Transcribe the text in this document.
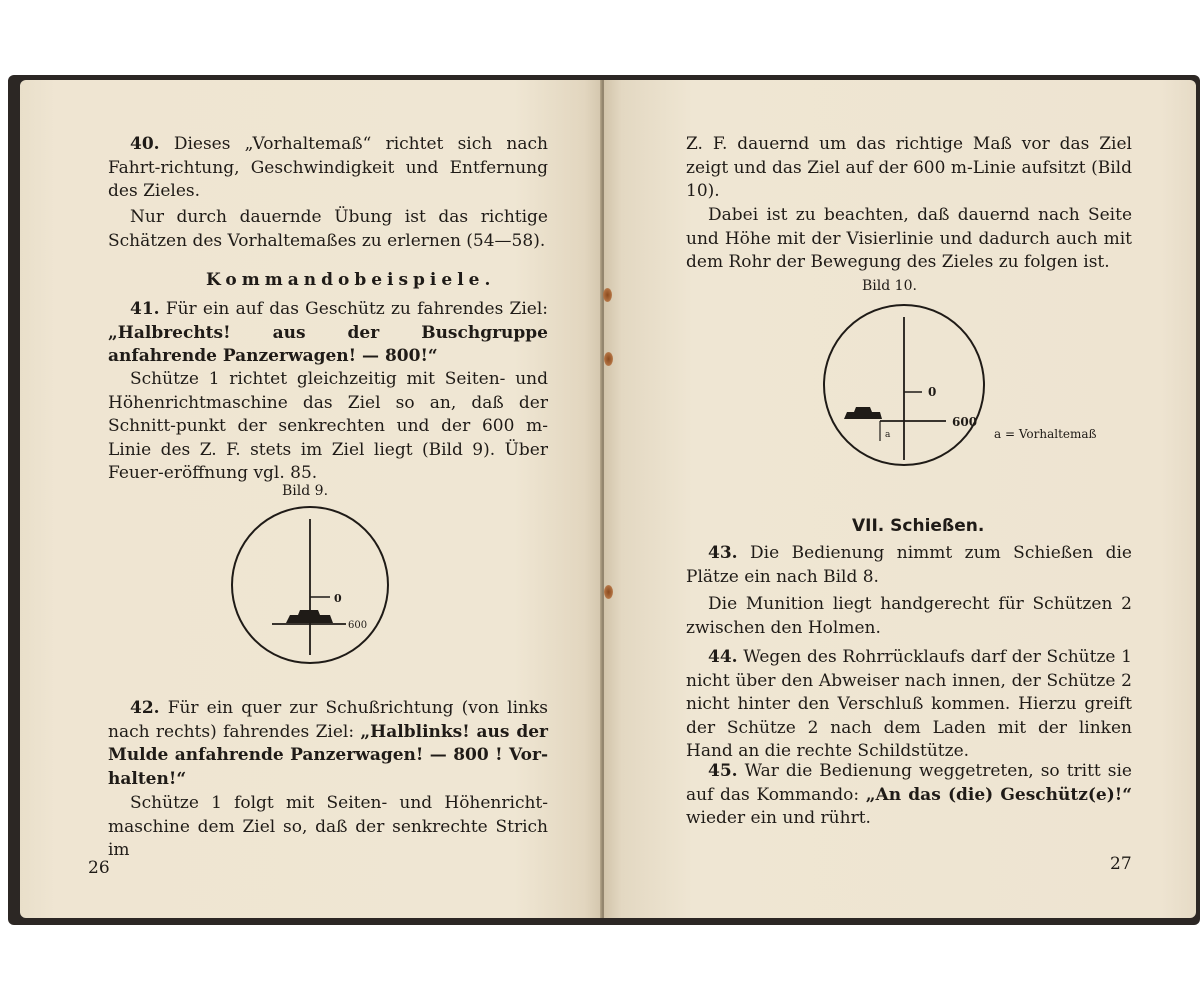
40. Dieses „Vorhaltemaß“ richtet sich nach Fahrt-richtung, Geschwindigkeit und Entfernung des Zieles.

Nur durch dauernde Übung ist das richtige Schätzen des Vorhaltemaßes zu erlernen (54—58).

Kommandobeispiele.

41. Für ein auf das Geschütz zu fahrendes Ziel: „Halbrechts! aus der Buschgruppe anfahrende Panzerwagen! — 800!“

Schütze 1 richtet gleichzeitig mit Seiten- und Höhenrichtmaschine das Ziel so an, daß der Schnitt-punkt der senkrechten und der 600 m-Linie des Z. F. stets im Ziel liegt (Bild 9). Über Feuer-eröffnung vgl. 85.

Bild 9.
0
600

42. Für ein quer zur Schußrichtung (von links nach rechts) fahrendes Ziel: „Halblinks! aus der Mulde anfahrende Panzerwagen! — 800 ! Vor-halten!“

Schütze 1 folgt mit Seiten- und Höhenricht-maschine dem Ziel so, daß der senkrechte Strich im

26

Z. F. dauernd um das richtige Maß vor das Ziel zeigt und das Ziel auf der 600 m-Linie aufsitzt (Bild 10).

Dabei ist zu beachten, daß dauernd nach Seite und Höhe mit der Visierlinie und dadurch auch mit dem Rohr der Bewegung des Zieles zu folgen ist.

Bild 10.
0
600
a	a = Vorhaltemaß
VII. Schießen.

43. Die Bedienung nimmt zum Schießen die Plätze ein nach Bild 8.

Die Munition liegt handgerecht für Schützen 2 zwischen den Holmen.

44. Wegen des Rohrrücklaufs darf der Schütze 1 nicht über den Abweiser nach innen, der Schütze 2 nicht hinter den Verschluß kommen. Hierzu greift der Schütze 2 nach dem Laden mit der linken Hand an die rechte Schildstütze.

45. War die Bedienung weggetreten, so tritt sie auf das Kommando: „An das (die) Geschütz(e)!“ wieder ein und rührt.

27
